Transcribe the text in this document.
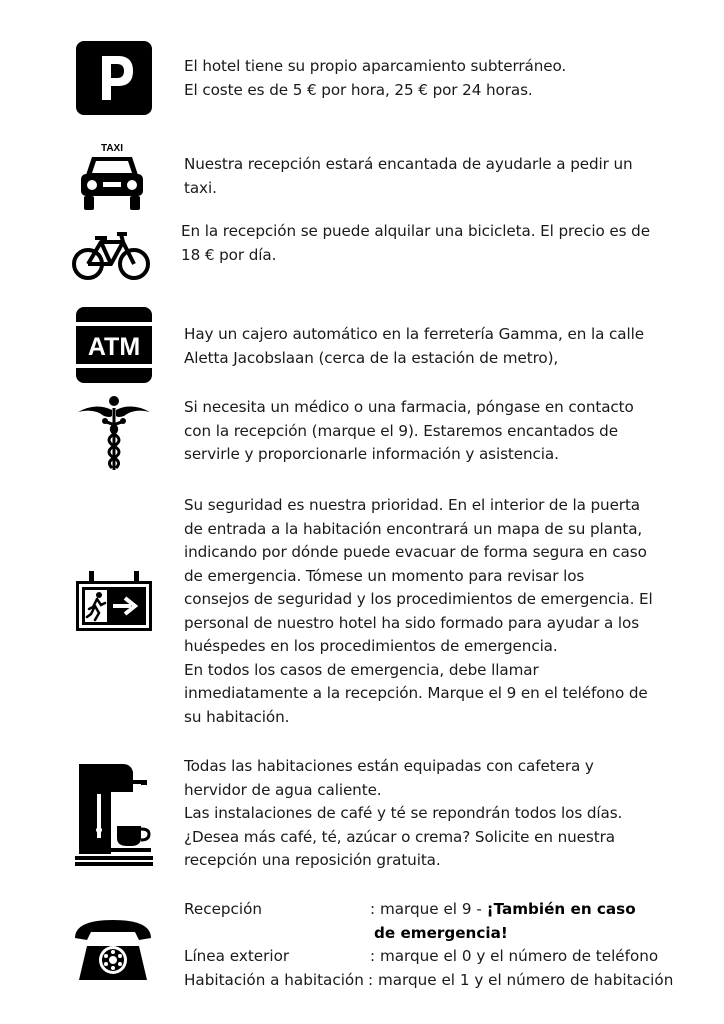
El hotel tiene su propio aparcamiento subterráneo.
El coste es de 5 € por hora, 25 € por 24 horas.
TAXI
Nuestra recepción estará encantada de ayudarle a pedir un taxi.
En la recepción se puede alquilar una bicicleta. El precio es de 18 € por día.
ATM	Hay un cajero automático en la ferretería Gamma, en la calle Aletta Jacobslaan (cerca de la estación de metro),
Si necesita un médico o una farmacia, póngase en contacto con la recepción (marque el 9). Estaremos encantados de servirle y proporcionarle información y asistencia.
Su seguridad es nuestra prioridad. En el interior de la puerta de entrada a la habitación encontrará un mapa de su planta, indicando por dónde puede evacuar de forma segura en caso de emergencia. Tómese un momento para revisar los consejos de seguridad y los procedimientos de emergencia. El personal de nuestro hotel ha sido formado para ayudar a los huéspedes en los procedimientos de emergencia.
En todos los casos de emergencia, debe llamar inmediatamente a la recepción. Marque el 9 en el teléfono de su habitación.
Todas las habitaciones están equipadas con cafetera y hervidor de agua caliente.
Las instalaciones de café y té se repondrán todos los días. ¿Desea más café, té, azúcar o crema? Solicite en nuestra recepción una reposición gratuita.
Recepción	: marque el 9 - ¡También en caso
de emergencia!
Línea exterior	: marque el 0 y el número de teléfono
Habitación a habitación : marque el 1 y el número de habitación
